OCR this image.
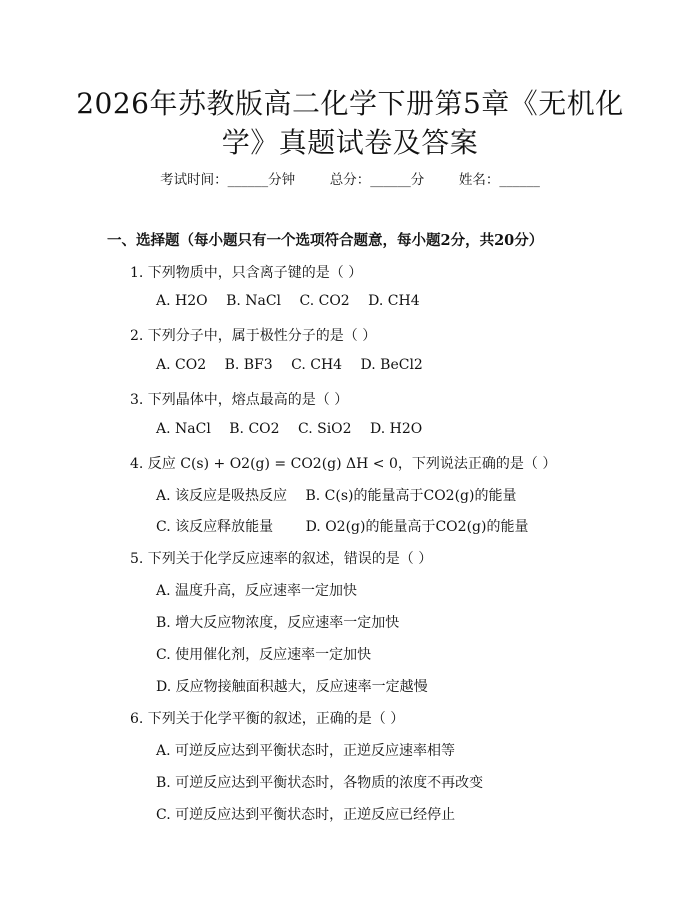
2026年苏教版高二化学下册第5章《无机化
学》真题试卷及答案
考试时间：______分钟	总分：______分	姓名：______
一、选择题（每小题只有一个选项符合题意，每小题2分，共20分）
1. 下列物质中，只含离子键的是（ ）
A. H2O B. NaCl C. CO2 D. CH4
2. 下列分子中，属于极性分子的是（ ）
A. CO2 B. BF3 C. CH4 D. BeCl2
3. 下列晶体中，熔点最高的是（ ）
A. NaCl B. CO2 C. SiO2 D. H2O
4. 反应 C(s) + O2(g) = CO2(g) ΔH < 0，下列说法正确的是（ ）
A. 该反应是吸热反应 B. C(s)的能量高于CO2(g)的能量
C. 该反应释放能量 D. O2(g)的能量高于CO2(g)的能量
5. 下列关于化学反应速率的叙述，错误的是（ ）
A. 温度升高，反应速率一定加快
B. 增大反应物浓度，反应速率一定加快
C. 使用催化剂，反应速率一定加快
D. 反应物接触面积越大，反应速率一定越慢
6. 下列关于化学平衡的叙述，正确的是（ ）
A. 可逆反应达到平衡状态时，正逆反应速率相等
B. 可逆反应达到平衡状态时，各物质的浓度不再改变
C. 可逆反应达到平衡状态时，正逆反应已经停止
